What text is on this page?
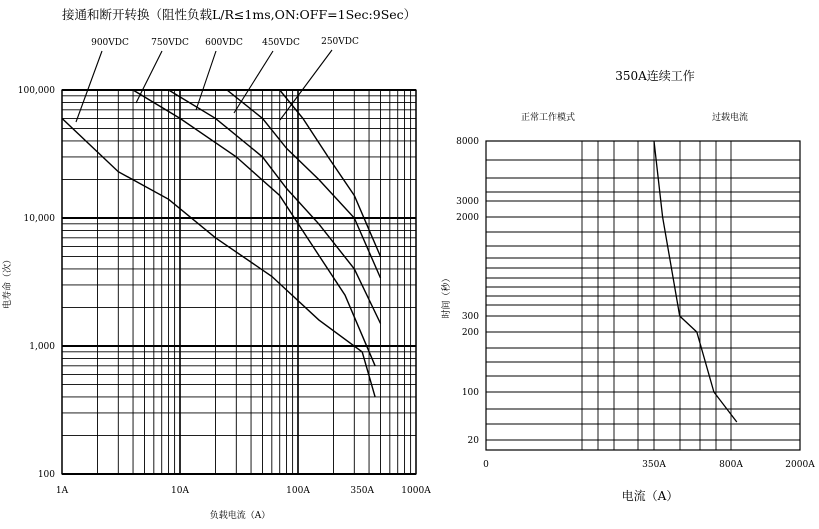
900VDC 750VDC 600VDC 450VDC 250VDC
接通和断开转换（阻性负载L/R≤1ms,ON:OFF=1Sec:9Sec）
1A	10A	100A	350A	1000A
100
1,000
10,000
100,000
负载电流（A）
电寿命（次）
350A连续工作
正常工作模式	过载电流
0	350A	800A	2000A
20
100
200
300
2000
3000
8000
电流（A）
时间（秒）
